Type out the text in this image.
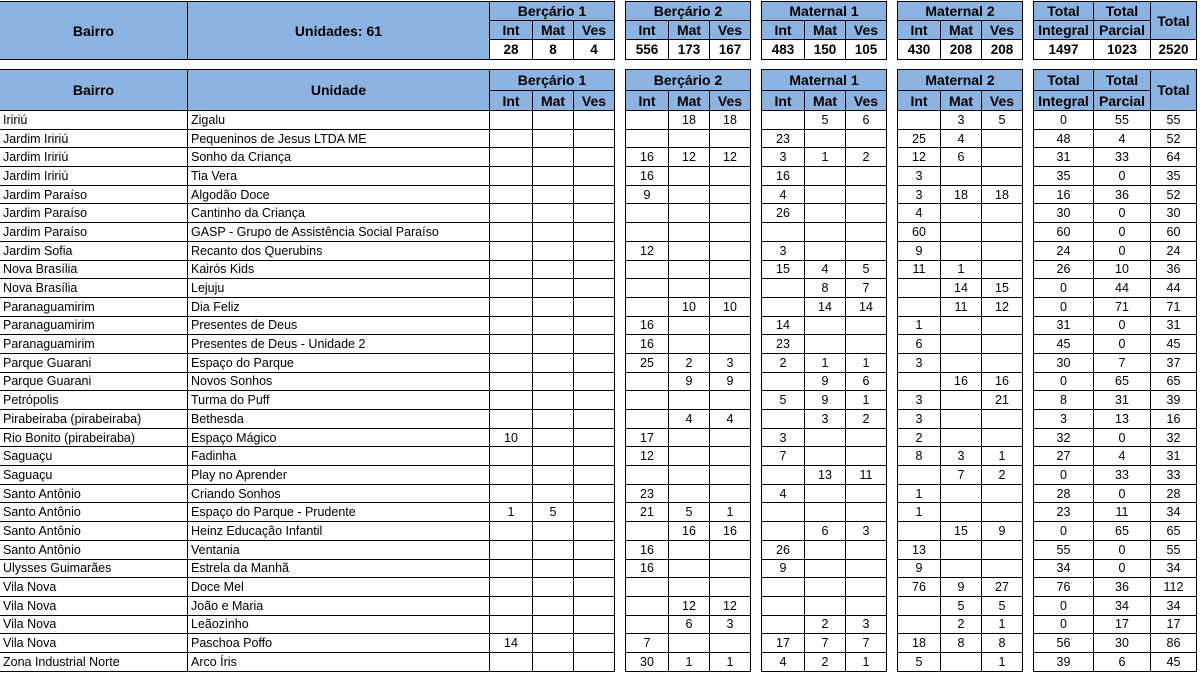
Bairro	Unidades: 61	Berçário 1				Berçário 2				Maternal 1				Maternal 2				Total	Total	Total
		Int	Mat	Ves		Int	Mat	Ves		Int	Mat	Ves		Int	Mat	Ves		Integral	Parcial	
		28	8	4		556	173	167		483	150	105		430	208	208		1497	1023	2520
Bairro	Unidade	Berçário 1				Berçário 2				Maternal 1				Maternal 2				Total	Total	Total
		Int	Mat	Ves		Int	Mat	Ves		Int	Mat	Ves		Int	Mat	Ves		Integral	Parcial	
Iririú	Zigalu						18	18			5	6			3	5		0	55	55
Jardim Iririú	Pequeninos de Jesus LTDA ME									23				25	4			48	4	52
Jardim Iririú	Sonho da Criança					16	12	12		3	1	2		12	6			31	33	64
Jardim Iririú	Tia Vera					16				16				3				35	0	35
Jardim Paraíso	Algodão Doce					9				4				3	18	18		16	36	52
Jardim Paraíso	Cantinho da Criança									26				4				30	0	30
Jardim Paraíso	GASP - Grupo de Assistência Social Paraíso													60				60	0	60
Jardim Sofia	Recanto dos Querubins					12				3				9				24	0	24
Nova Brasília	Kairós Kids									15	4	5		11	1			26	10	36
Nova Brasília	Lejuju										8	7			14	15		0	44	44
Paranaguamirim	Dia Feliz						10	10			14	14			11	12		0	71	71
Paranaguamirim	Presentes de Deus					16				14				1				31	0	31
Paranaguamirim	Presentes de Deus - Unidade 2					16				23				6				45	0	45
Parque Guarani	Espaço do Parque					25	2	3		2	1	1		3				30	7	37
Parque Guarani	Novos Sonhos						9	9			9	6			16	16		0	65	65
Petrópolis	Turma do Puff									5	9	1		3		21		8	31	39
Pirabeiraba (pirabeiraba)	Bethesda						4	4			3	2		3				3	13	16
Rio Bonito (pirabeiraba)	Espaço Mágico	10				17				3				2				32	0	32
Saguaçu	Fadinha					12				7				8	3	1		27	4	31
Saguaçu	Play no Aprender										13	11			7	2		0	33	33
Santo Antônio	Criando Sonhos					23				4				1				28	0	28
Santo Antônio	Espaço do Parque - Prudente	1	5			21	5	1						1				23	11	34
Santo Antônio	Heinz Educação Infantil						16	16			6	3			15	9		0	65	65
Santo Antônio	Ventania					16				26				13				55	0	55
Ulysses Guimarães	Estrela da Manhã					16				9				9				34	0	34
Vila Nova	Doce Mel													76	9	27		76	36	112
Vila Nova	João e Maria						12	12							5	5		0	34	34
Vila Nova	Leãozinho						6	3			2	3			2	1		0	17	17
Vila Nova	Paschoa Poffo	14				7				17	7	7		18	8	8		56	30	86
Zona Industrial Norte	Arco Íris					30	1	1		4	2	1		5		1		39	6	45
